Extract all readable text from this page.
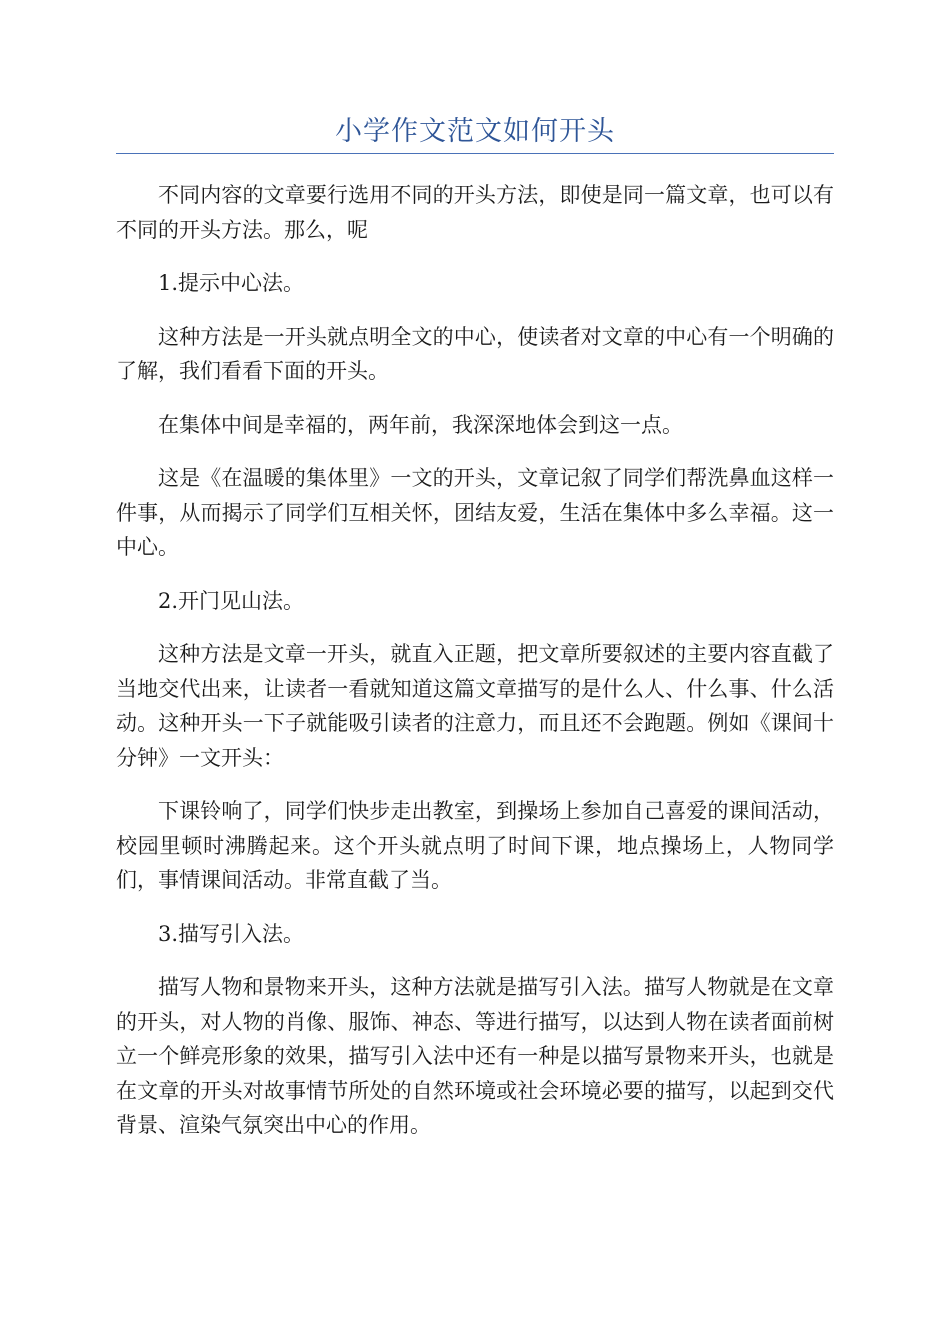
小学作文范文如何开头

不同内容的文章要行选用不同的开头方法，即使是同一篇文章，也可以有不同的开头方法。那么，呢

1.提示中心法。

这种方法是一开头就点明全文的中心，使读者对文章的中心有一个明确的了解，我们看看下面的开头。

在集体中间是幸福的，两年前，我深深地体会到这一点。

这是《在温暖的集体里》一文的开头，文章记叙了同学们帮洗鼻血这样一件事，从而揭示了同学们互相关怀，团结友爱，生活在集体中多么幸福。这一中心。

2.开门见山法。

这种方法是文章一开头，就直入正题，把文章所要叙述的主要内容直截了当地交代出来，让读者一看就知道这篇文章描写的是什么人、什么事、什么活动。这种开头一下子就能吸引读者的注意力，而且还不会跑题。例如《课间十分钟》一文开头：

下课铃响了，同学们快步走出教室，到操场上参加自己喜爱的课间活动，校园里顿时沸腾起来。这个开头就点明了时间下课，地点操场上，人物同学们，事情课间活动。非常直截了当。

3.描写引入法。

描写人物和景物来开头，这种方法就是描写引入法。描写人物就是在文章的开头，对人物的肖像、服饰、神态、等进行描写，以达到人物在读者面前树立一个鲜亮形象的效果，描写引入法中还有一种是以描写景物来开头，也就是在文章的开头对故事情节所处的自然环境或社会环境必要的描写，以起到交代背景、渲染气氛突出中心的作用。
